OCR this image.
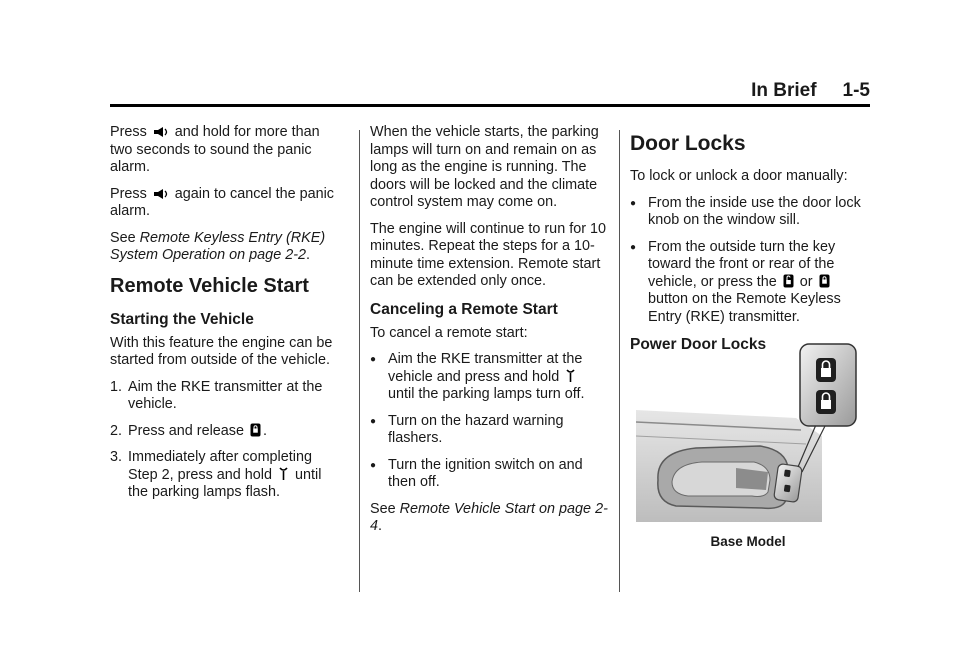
In Brief 1-5

Press and hold for more than two seconds to sound the panic alarm.

Press again to cancel the panic alarm.

See Remote Keyless Entry (RKE) System Operation on page 2-2.

Remote Vehicle Start
Starting the Vehicle

With this feature the engine can be started from outside of the vehicle.

1. Aim the RKE transmitter at the vehicle.
2. Press and release .
3. Immediately after completing Step 2, press and hold until the parking lamps flash.

When the vehicle starts, the parking lamps will turn on and remain on as long as the engine is running. The doors will be locked and the climate control system may come on.

The engine will continue to run for 10 minutes. Repeat the steps for a 10-minute time extension. Remote start can be extended only once.

Canceling a Remote Start

To cancel a remote start:

● Aim the RKE transmitter at the vehicle and press and hold
until the parking lamps turn off.
● Turn on the hazard warning flashers.
● Turn the ignition switch on and then off.

See Remote Vehicle Start on page 2-4.

Door Locks

To lock or unlock a door manually:

● From the inside use the door lock knob on the window sill.
● From the outside turn the key toward the front or rear of the vehicle, or press the or
button on the Remote Keyless Entry (RKE) transmitter.
Power Door Locks
Base Model
